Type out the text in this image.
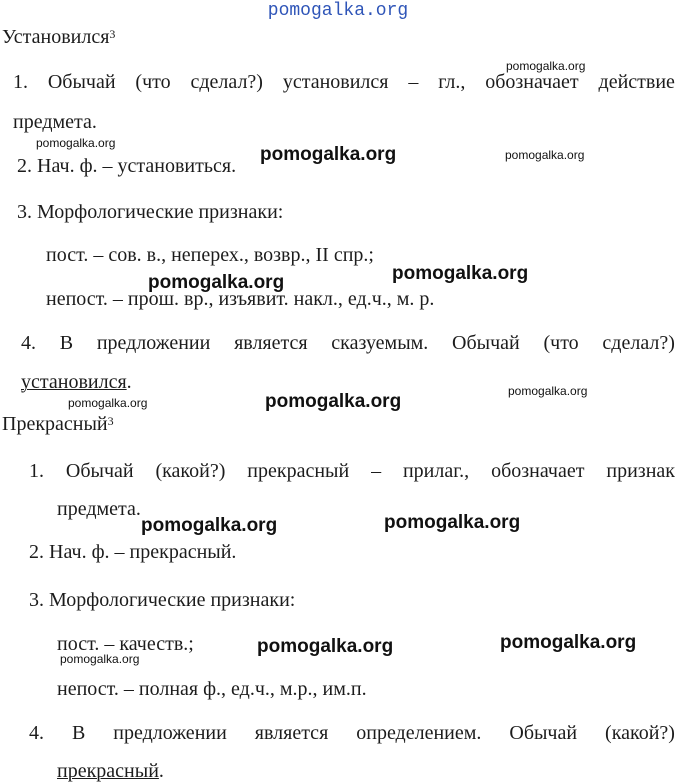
pomogalka.org
Установился$^3$
1. Обычай (что сделал?) установился – гл., обозначает действие
предмета.
2. Нач. ф. – установиться.
3. Морфологические признаки:
пост. – сов. в., неперех., возвр., II спр.;
непост. – прош. вр., изъявит. накл., ед.ч., м. р.
4. В предложении является сказуемым. Обычай (что сделал?)
установился.
Прекрасный$^3$
1. Обычай (какой?) прекрасный – прилаг., обозначает признак
предмета.
2. Нач. ф. – прекрасный.
3. Морфологические признаки:
пост. – качеств.;
непост. – полная ф., ед.ч., м.р., им.п.
4. В предложении является определением. Обычай (какой?)
прекрасный.
pomogalka.org
pomogalka.org
pomogalka.org	pomogalka.org
pomogalka.org
pomogalka.org
pomogalka.org
pomogalka.org	pomogalka.org
pomogalka.org
pomogalka.org
pomogalka.org
pomogalka.org
pomogalka.org
